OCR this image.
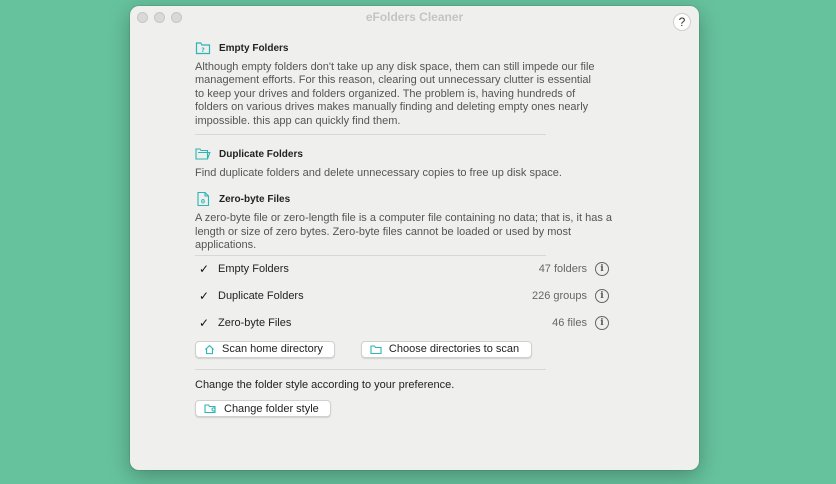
eFolders Cleaner	?
? Empty Folders

Although empty folders don't take up any disk space, them can still impede our file management efforts. For this reason, clearing out unnecessary clutter is essential to keep your drives and folders organized. The problem is, having hundreds of folders on various drives makes manually finding and deleting empty ones nearly impossible. this app can quickly find them.

Duplicate Folders

Find duplicate folders and delete unnecessary copies to free up disk space.

0 Zero-byte Files

A zero-byte file or zero-length file is a computer file containing no data; that is, it has a length or size of zero bytes. Zero-byte files cannot be loaded or used by most applications.

✓ Empty Folders	47 folders	i
✓ Duplicate Folders	226 groups	i
✓ Zero-byte Files	46 files	i
Scan home directory	Choose directories to scan

Change the folder style according to your preference.

Change folder style
